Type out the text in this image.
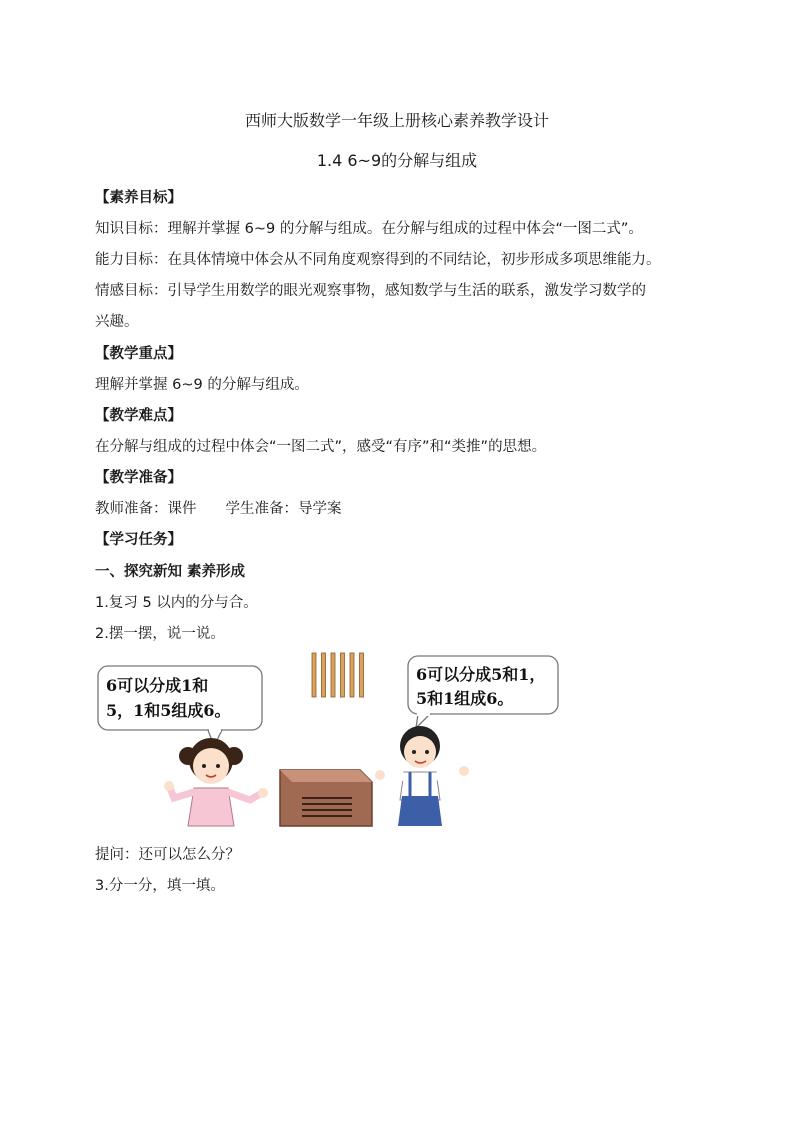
西师大版数学一年级上册核心素养教学设计
1.4 6~9的分解与组成
【素养目标】
知识目标：理解并掌握 6~9 的分解与组成。在分解与组成的过程中体会“一图二式”。
能力目标：在具体情境中体会从不同角度观察得到的不同结论，初步形成多项思维能力。
情感目标：引导学生用数学的眼光观察事物，感知数学与生活的联系，激发学习数学的
兴趣。
【教学重点】
理解并掌握 6~9 的分解与组成。
【教学难点】
在分解与组成的过程中体会“一图二式”，感受“有序”和“类推”的思想。
【教学准备】
教师准备：课件　　学生准备：导学案
【学习任务】
一、探究新知 素养形成
1.复习 5 以内的分与合。
2.摆一摆，说一说。
6可以分成1和
5，1和5组成6。
6可以分成5和1，
5和1组成6。
提问：还可以怎么分？
3.分一分，填一填。
